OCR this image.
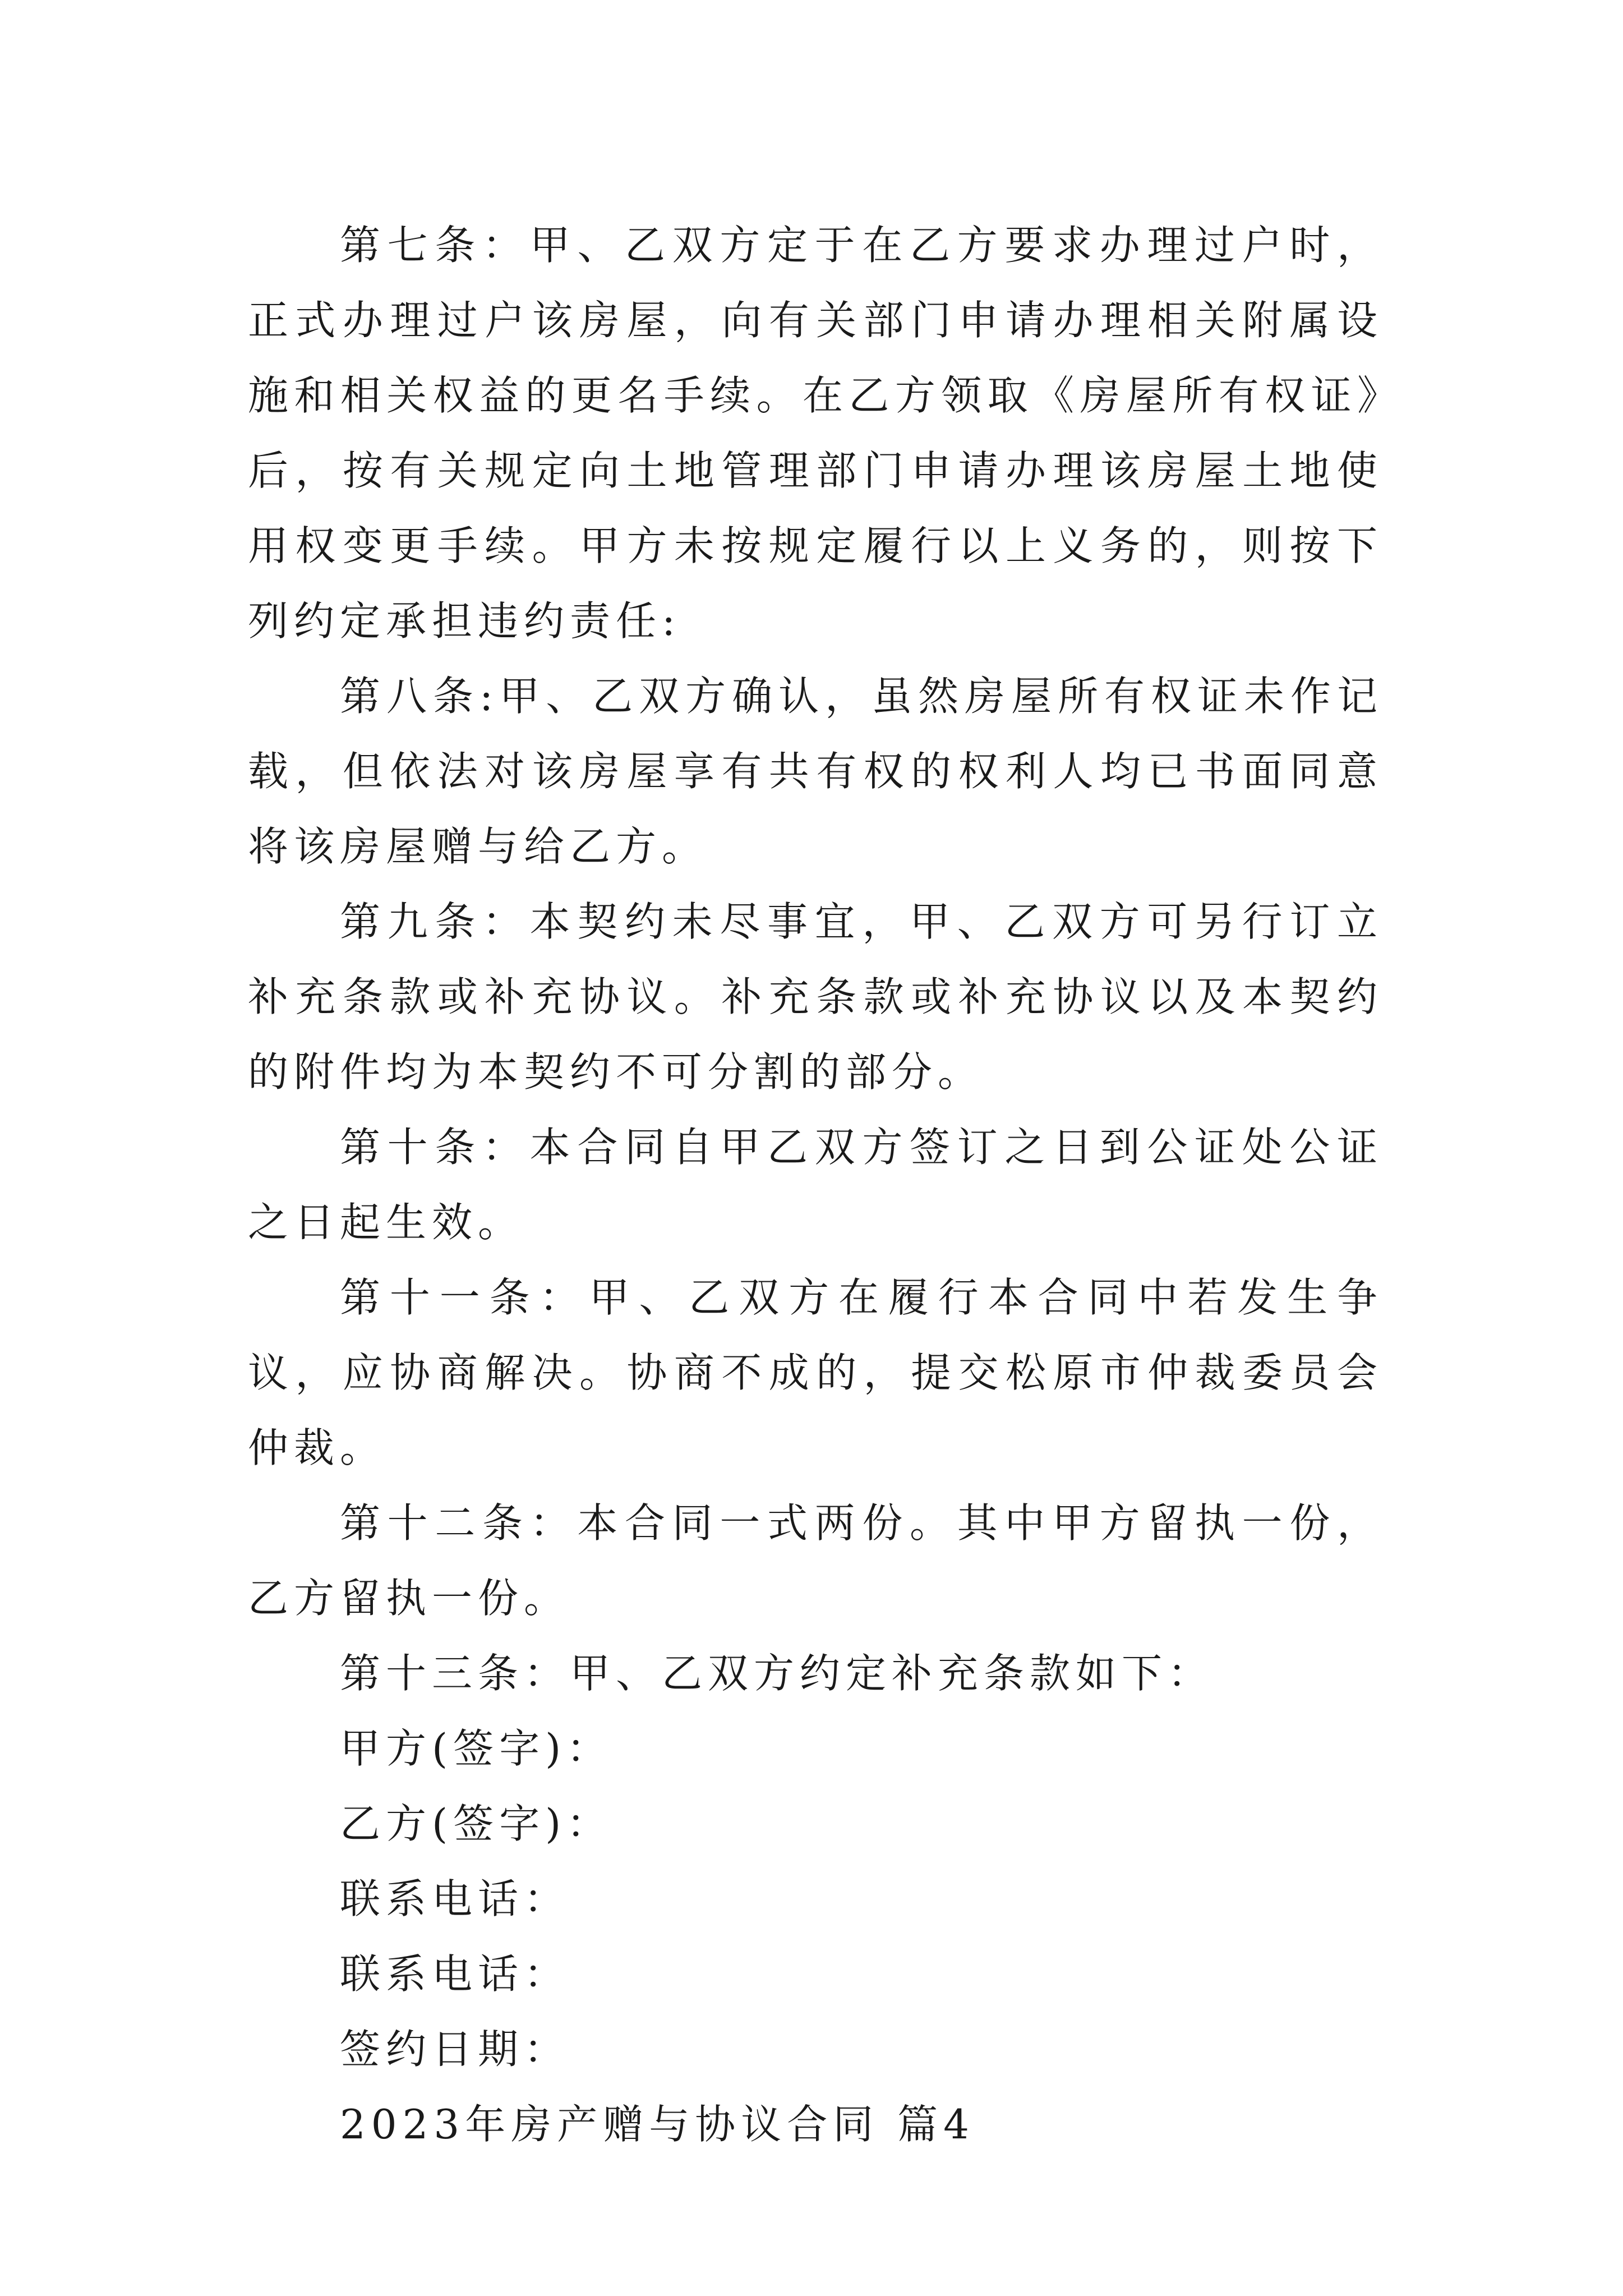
第七条：甲、乙双方定于在乙方要求办理过户时，正式办理过户该房屋，向有关部门申请办理相关附属设施和相关权益的更名手续。在乙方领取《房屋所有权证》后，按有关规定向土地管理部门申请办理该房屋土地使用权变更手续。甲方未按规定履行以上义务的，则按下列约定承担违约责任:

第八条:甲、乙双方确认，虽然房屋所有权证未作记载，但依法对该房屋享有共有权的权利人均已书面同意将该房屋赠与给乙方。

第九条：本契约未尽事宜，甲、乙双方可另行订立补充条款或补充协议。补充条款或补充协议以及本契约的附件均为本契约不可分割的部分。

第十条：本合同自甲乙双方签订之日到公证处公证之日起生效。

第十一条：甲、乙双方在履行本合同中若发生争议，应协商解决。协商不成的，提交松原市仲裁委员会仲裁。

第十二条：本合同一式两份。其中甲方留执一份，乙方留执一份。

第十三条：甲、乙双方约定补充条款如下：

甲方(签字)：

乙方(签字)：

联系电话：

联系电话：

签约日期：

2023年房产赠与协议合同 篇4
